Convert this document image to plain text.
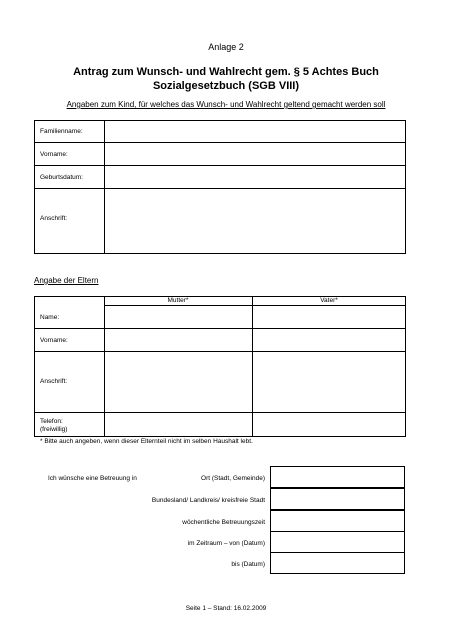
Anlage 2
Antrag zum Wunsch- und Wahlrecht gem. § 5 Achtes Buch
Sozialgesetzbuch (SGB VIII)
Angaben zum Kind, für welches das Wunsch- und Wahlrecht geltend gemacht werden soll
Familienname:
Vorname:
Geburtsdatum:
Anschrift:
Angabe der Eltern
Mutter*	Vater*
Name:
Vorname:
Anschrift:
Telefon:
(freiwillig)
* Bitte auch angeben, wenn dieser Elternteil nicht im selben Haushalt lebt.
Ich wünsche eine Betreuung in	Ort (Stadt, Gemeinde)
Bundesland/ Landkreis/ kreisfreie Stadt
wöchentliche Betreuungszeit
im Zeitraum – von (Datum)
bis (Datum)
Seite 1 – Stand: 16.02.2009
